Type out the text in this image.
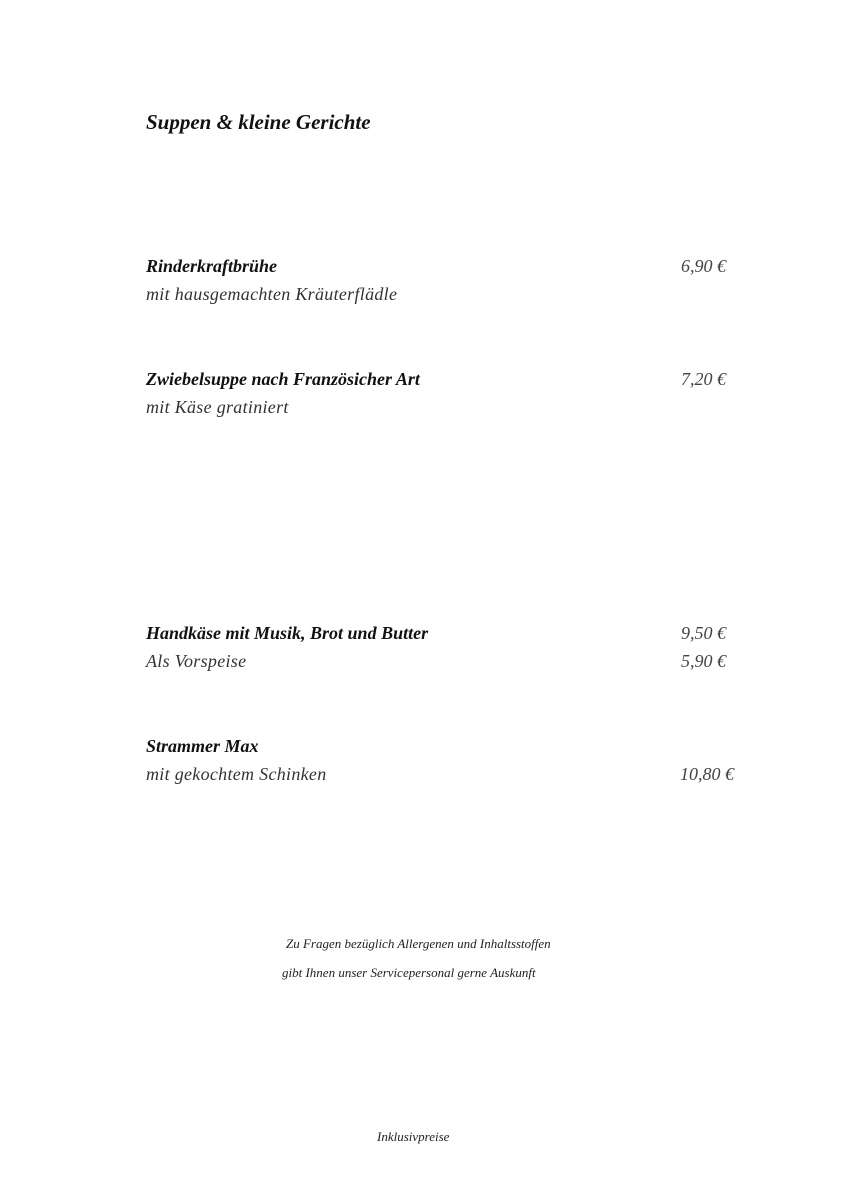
Suppen & kleine Gerichte
Rinderkraftbrühe	6,90 €
mit hausgemachten Kräuterflädle
Zwiebelsuppe nach Französicher Art	7,20 €
mit Käse gratiniert
Handkäse mit Musik, Brot und Butter	9,50 €
Als Vorspeise	5,90 €
Strammer Max
mit gekochtem Schinken	10,80 €
Zu Fragen bezüglich Allergenen und Inhaltsstoffen
gibt Ihnen unser Servicepersonal gerne Auskunft
Inklusivpreise
